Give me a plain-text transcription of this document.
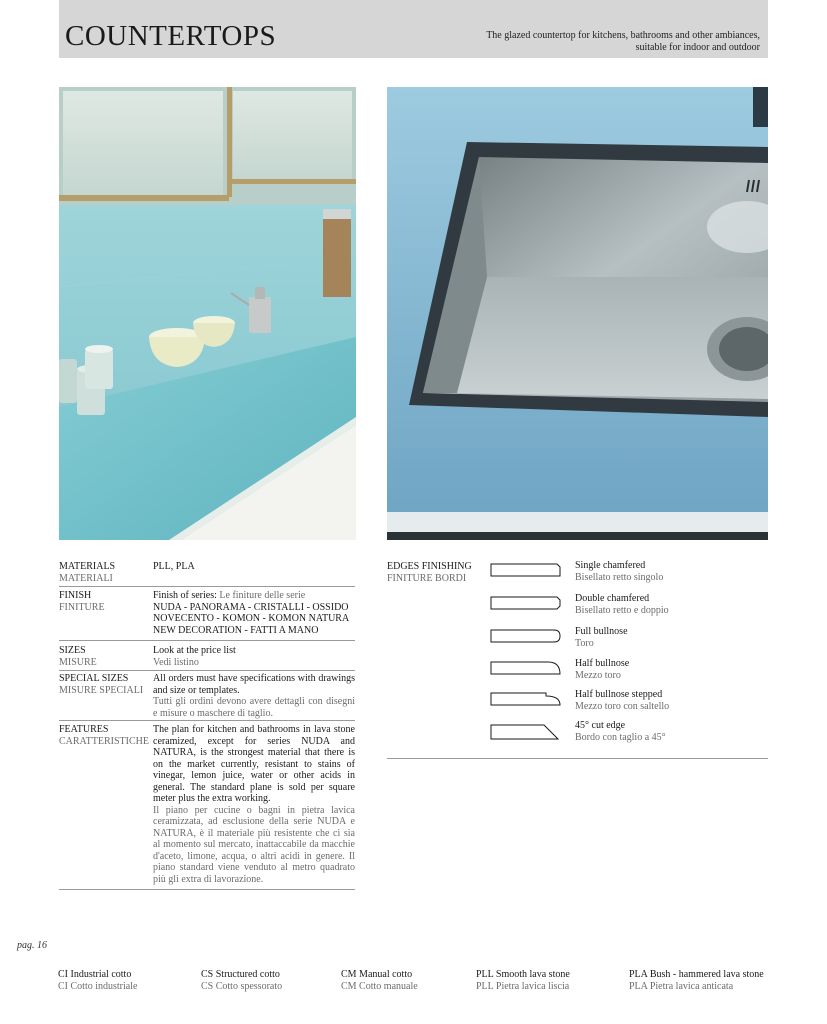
COUNTERTOPS	The glazed countertop for kitchens, bathrooms and other ambiances,
suitable for indoor and outdoor
MATERIALS
MATERIALI
PLL, PLA
FINISH
FINITURE
Finish of series: Le finiture delle serie
NUDA - PANORAMA - CRISTALLI - OSSIDO
NOVECENTO - KOMON - KOMON NATURA
NEW DECORATION - FATTI A MANO
SIZES
MISURE
Look at the price list
Vedi listino
SPECIAL SIZES
MISURE SPECIALI
All orders must have specifications with drawings and size or templates.
Tutti gli ordini devono avere dettagli con disegni e misure o maschere di taglio.
FEATURES
CARATTERISTICHE
The plan for kitchen and bathrooms in lava stone ceramized, except for series NUDA and NATURA, is the strongest material that there is on the market currently, resistant to stains of vinegar, lemon juice, water or other acids in general. The standard plane is sold per square meter plus the extra working.
Il piano per cucine o bagni in pietra lavica ceramizzata, ad esclusione della serie NUDA e NATURA, è il materiale più resistente che ci sia al momento sul mercato, inattaccabile da macchie d'aceto, limone, acqua, o altri acidi in genere. Il piano standard viene venduto al metro quadrato più gli extra di lavorazione.
EDGES FINISHING
FINITURE BORDI
Single chamfered
Bisellato retto singolo
Double chamfered
Bisellato retto e doppio
Full bullnose
Toro
Half bullnose
Mezzo toro
Half bullnose stepped
Mezzo toro con saltello
45° cut edge
Bordo con taglio a 45°
pag. 16
CI Industrial cotto
CI Cotto industriale
CS Structured cotto
CS Cotto spessorato
CM Manual cotto
CM Cotto manuale
PLL Smooth lava stone
PLL Pietra lavica liscia
PLA Bush - hammered lava stone
PLA Pietra lavica anticata
